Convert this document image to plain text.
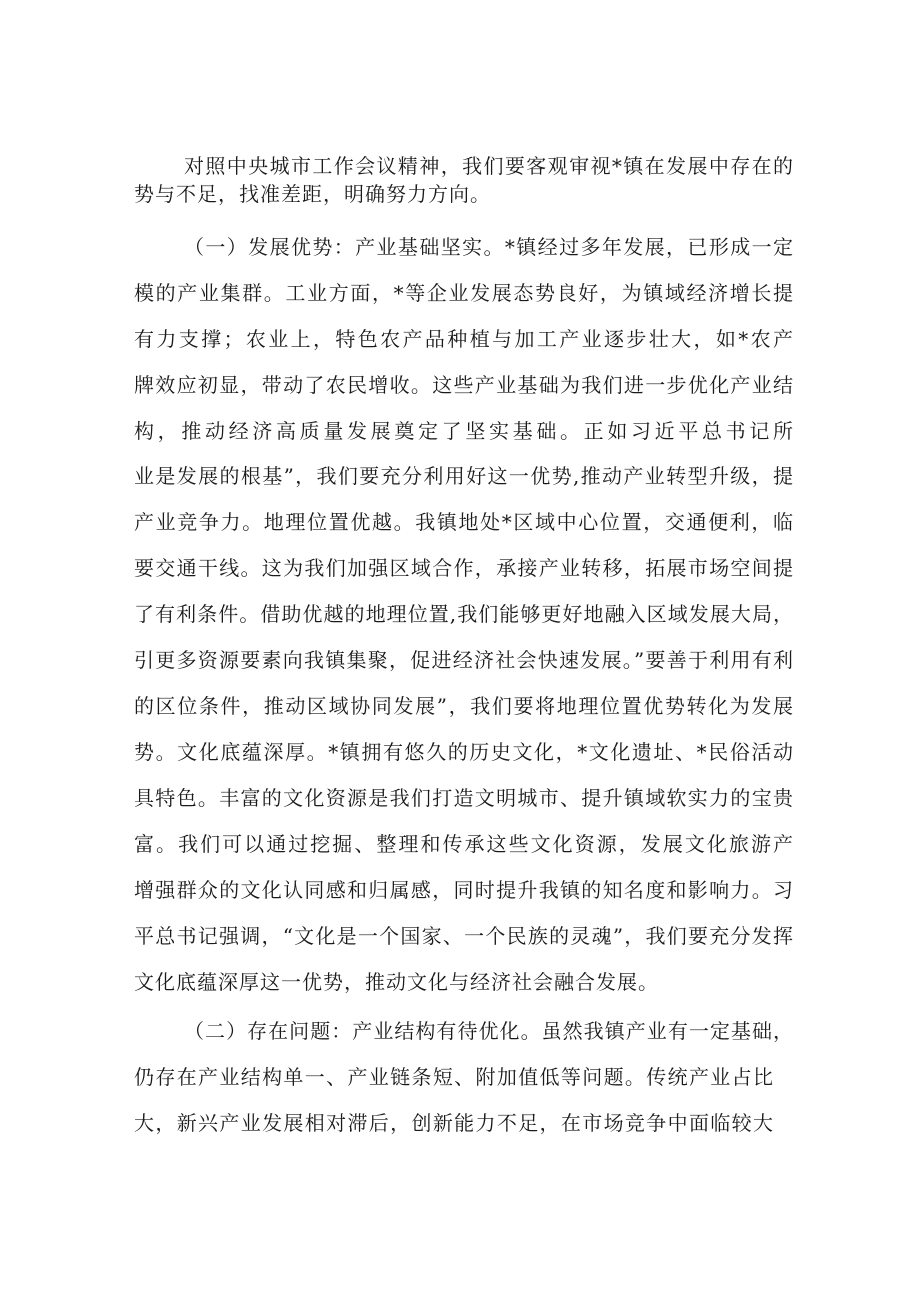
对照中央城市工作会议精神，我们要客观审视*镇在发展中存在的
势与不足，找准差距，明确努力方向。
（一）发展优势：产业基础坚实。*镇经过多年发展，已形成一定
模的产业集群。工业方面，*等企业发展态势良好，为镇域经济增长提
有力支撑；农业上，特色农产品种植与加工产业逐步壮大，如*农产
牌效应初显，带动了农民增收。这些产业基础为我们进一步优化产业结
构，推动经济高质量发展奠定了坚实基础。正如习近平总书记所
业是发展的根基”，我们要充分利用好这一优势,推动产业转型升级，提
产业竞争力。地理位置优越。我镇地处*区域中心位置，交通便利，临
要交通干线。这为我们加强区域合作，承接产业转移，拓展市场空间提
了有利条件。借助优越的地理位置,我们能够更好地融入区域发展大局，
引更多资源要素向我镇集聚，促进经济社会快速发展。”要善于利用有利
的区位条件，推动区域协同发展”，我们要将地理位置优势转化为发展
势。文化底蕴深厚。*镇拥有悠久的历史文化，*文化遗址、*民俗活动
具特色。丰富的文化资源是我们打造文明城市、提升镇域软实力的宝贵
富。我们可以通过挖掘、整理和传承这些文化资源，发展文化旅游产
增强群众的文化认同感和归属感，同时提升我镇的知名度和影响力。习
平总书记强调，“文化是一个国家、一个民族的灵魂”，我们要充分发挥
文化底蕴深厚这一优势，推动文化与经济社会融合发展。
（二）存在问题：产业结构有待优化。虽然我镇产业有一定基础，
仍存在产业结构单一、产业链条短、附加值低等问题。传统产业占比
大，新兴产业发展相对滞后，创新能力不足，在市场竞争中面临较大
